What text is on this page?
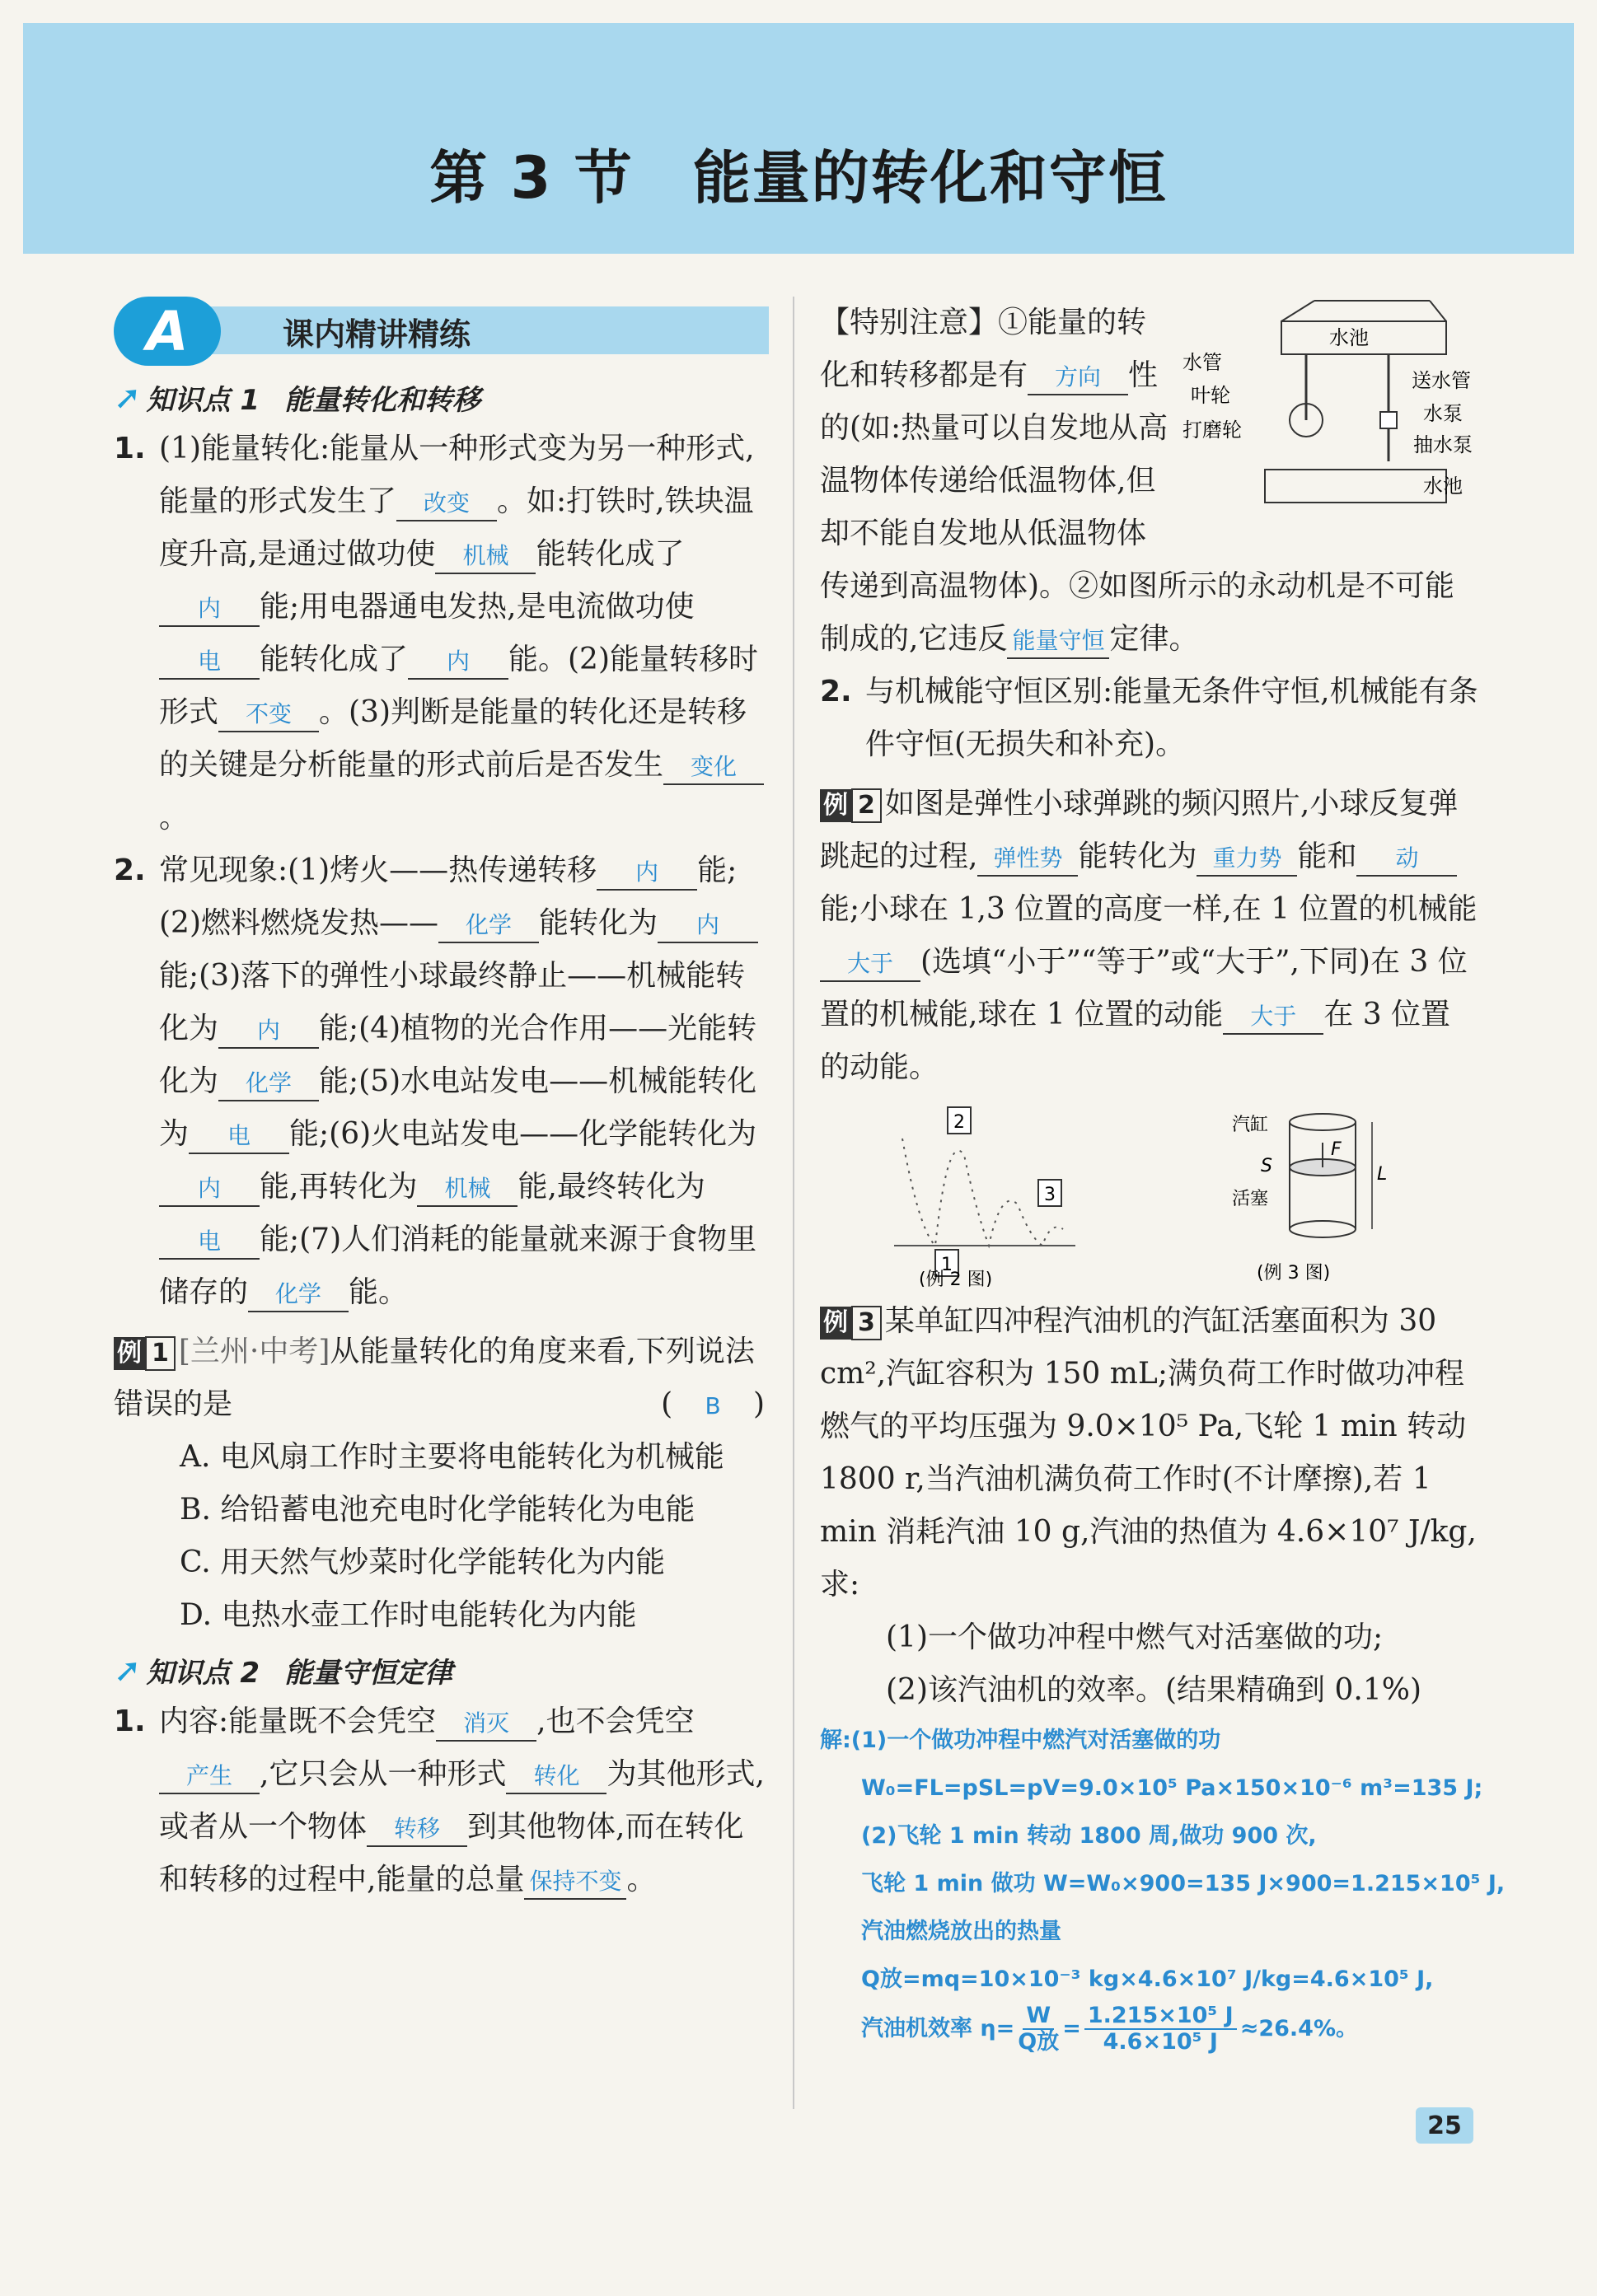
第 3 节　能量的转化和守恒
A	课内精讲精练
➚ 知识点 1 能量转化和转移
1. (1)能量转化:能量从一种形式变为另一种形式,能量的形式发生了 改变 。如:打铁时,铁块温度升高,是通过做功使 机械 能转化成了内 能;用电器通电发热,是电流做功使电 能转化成了 内 能。(2)能量转移时形式 不变 。(3)判断是能量的转化还是转移的关键是分析能量的形式前后是否发生 变化。
2. 常见现象:(1)烤火——热传递转移 内 能;(2)燃料燃烧发热—— 化学 能转化为 内能;(3)落下的弹性小球最终静止——机械能转化为 内 能;(4)植物的光合作用——光能转化为 化学 能;(5)水电站发电——机械能转化为 电 能;(6)火电站发电——化学能转化为内 能,再转化为 机械 能,最终转化为电 能;(7)人们消耗的能量就来源于食物里储存的 化学 能。
例 1 [兰州·中考]从能量转化的角度来看,下列说法错误的是	( B )
A. 电风扇工作时主要将电能转化为机械能
B. 给铅蓄电池充电时化学能转化为电能
C. 用天然气炒菜时化学能转化为内能
D. 电热水壶工作时电能转化为内能
➚ 知识点 2 能量守恒定律
1. 内容:能量既不会凭空 消灭 ,也不会凭空产生 ,它只会从一种形式 转化 为其他形式,或者从一个物体 转移 到其他物体,而在转化和转移的过程中,能量的总量 保持不变 。
水池
水管
叶轮
打磨轮
送水管
水泵
抽水泵
水池
【特别注意】①能量的转化和转移都是有 方向 性的(如:热量可以自发地从高温物体传递给低温物体,但却不能自发地从低温物体传递到高温物体)。②如图所示的永动机是不可能制成的,它违反 能量守恒 定律。
2. 与机械能守恒区别:能量无条件守恒,机械能有条件守恒(无损失和补充)。
例 2 如图是弹性小球弹跳的频闪照片,小球反复弹跳起的过程, 弹性势 能转化为 重力势 能和 动能;小球在 1,3 位置的高度一样,在 1 位置的机械能大于 (选填“小于”“等于”或“大于”,下同)在 3 位置的机械能,球在 1 位置的动能 大于 在 3 位置的动能。
1
2
3
(例 2 图)
汽缸
S
F
L
活塞
(例 3 图)
例 3 某单缸四冲程汽油机的汽缸活塞面积为 30 cm²,汽缸容积为 150 mL;满负荷工作时做功冲程燃气的平均压强为 9.0×10⁵ Pa,飞轮 1 min 转动 1800 r,当汽油机满负荷工作时(不计摩擦),若 1 min 消耗汽油 10 g,汽油的热值为 4.6×10⁷ J/kg,求:
(1)一个做功冲程中燃气对活塞做的功;
(2)该汽油机的效率。(结果精确到 0.1%)
解:(1)一个做功冲程中燃汽对活塞做的功
W₀=FL=pSL=pV=9.0×10⁵ Pa×150×10⁻⁶ m³=135 J;
(2)飞轮 1 min 转动 1800 周,做功 900 次,
飞轮 1 min 做功 W=W₀×900=135 J×900=1.215×10⁵ J,
汽油燃烧放出的热量
Q放=mq=10×10⁻³ kg×4.6×10⁷ J/kg=4.6×10⁵ J,
汽油机效率 η=
W
Q放
= $\frac{\text{1.215×10⁵ J}}{\text{4.6×10⁵ J}} \approx 26.4\%$。
25
